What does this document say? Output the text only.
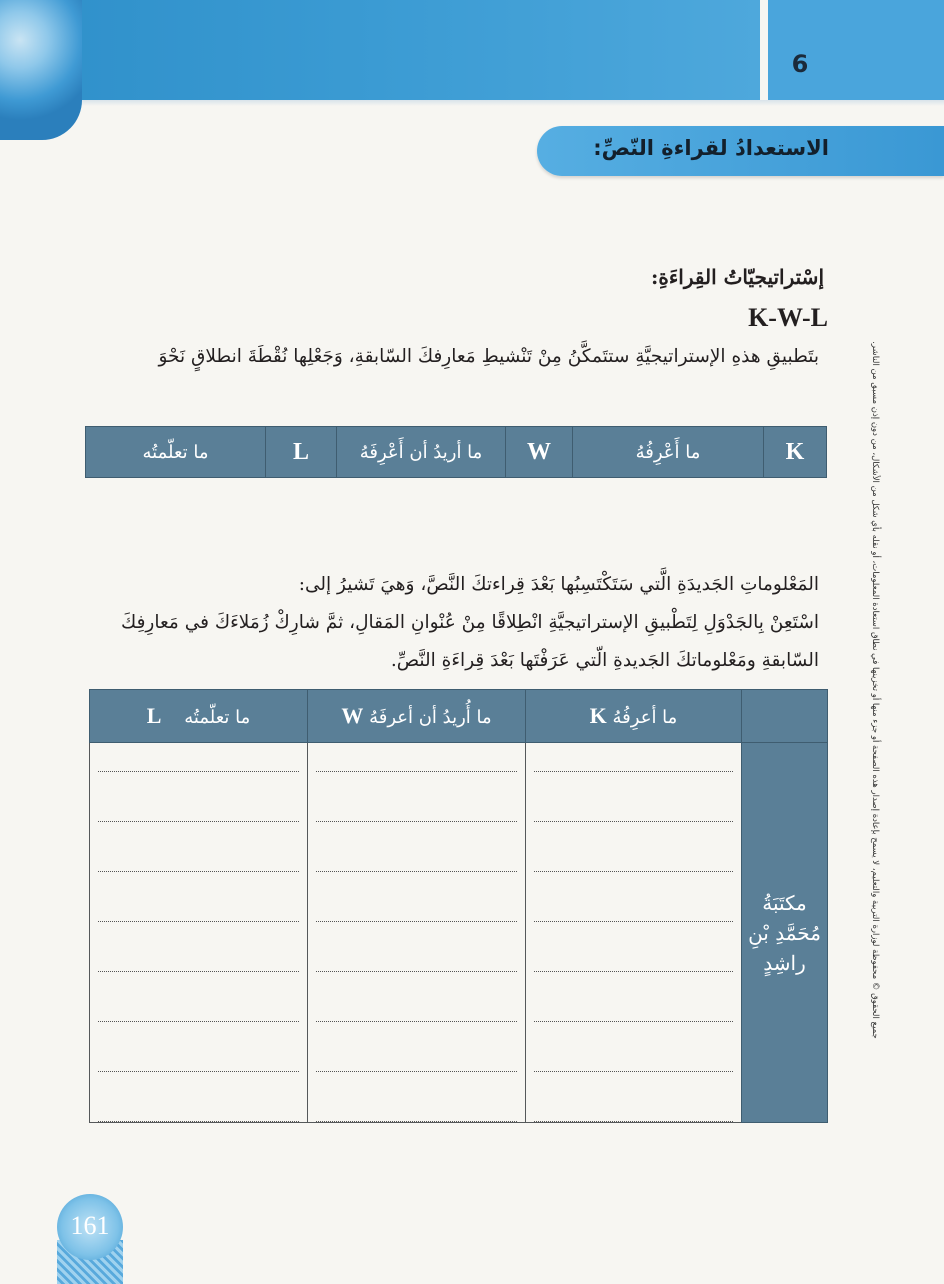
6
الاستعدادُ لقراءةِ النّصِّ:
جميع الحقوق © محفوظة لوزارة التربية والتعليم، لا يسمح بإعادة إصدار هذه الصفحة أو جزء منها أو تخزينها في نطاق استعادة المعلومات، أو نقله بأي شكل من الأشكال، من دون إذن مسبق من الناشر.
إسْتراتيجيّاتُ القِراءَةِ:
K-W-L
بتَطبيقِ هذهِ الإستراتيجيَّةِ ستتَمكَّنُ مِنْ تَنْشيطِ مَعارِفكَ السّابقةِ، وَجَعْلِها نُقْطَةَ انطلاقٍ نَحْوَ
K	ما أَعْرِفُهُ	W	ما أريدُ أن أَعْرِفَهُ	L	ما تعلّمتُه
المَعْلوماتِ الجَديدَةِ الَّتي سَتَكْتَسِبُها بَعْدَ قِراءتكَ النَّصَّ، وَهيَ تَشيرُ إلى:
اسْتَعِنْ بِالجَدْوَلِ لِتَطْبيقِ الإستراتيجيَّةِ انْطِلاقًا مِنْ عُنْوانِ المَقالِ، ثمَّ شارِكْ زُمَلاءَكَ في مَعارِفِكَ
السّابقةِ ومَعْلوماتكَ الجَديدةِ الّتي عَرَفْتَها بَعْدَ قِراءَةِ النَّصِّ.
	ما أعرِفُهُ K	ما أُريدُ أن أعرفَهُ W	ما تعلّمتُه    L

مكتَبَةُ
مُحَمَّدِ بْنِ
راشِدٍ			

161
